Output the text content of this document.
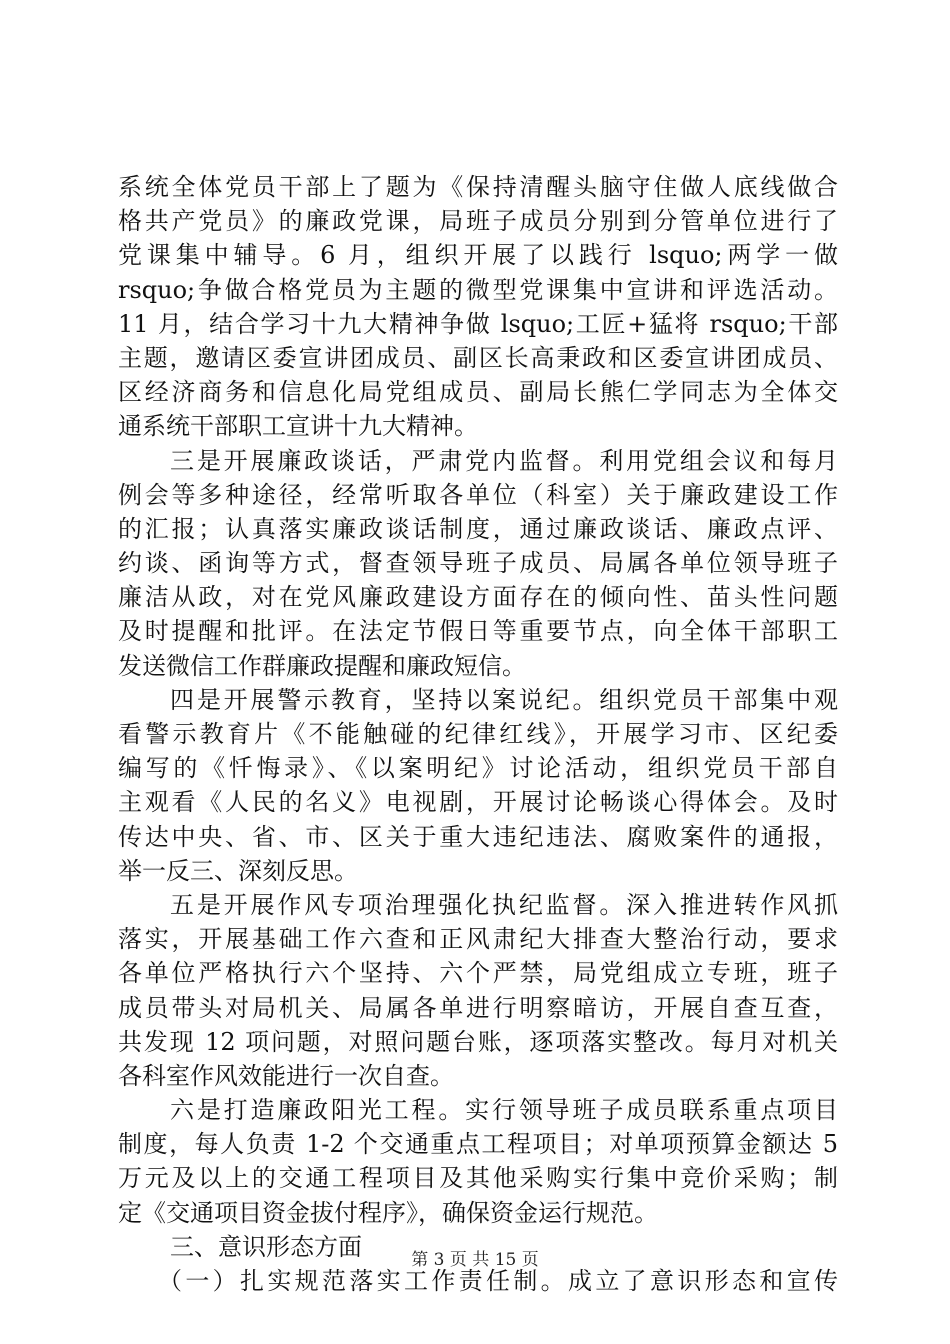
系统全体党员干部上了题为《保持清醒头脑守住做人底线做合
格共产党员》的廉政党课，局班子成员分别到分管单位进行了
党课集中辅导。6 月，组织开展了以践行 lsquo;两学一做
rsquo;争做合格党员为主题的微型党课集中宣讲和评选活动。
11 月，结合学习十九大精神争做 lsquo;工匠+猛将 rsquo;干部
主题，邀请区委宣讲团成员、副区长高秉政和区委宣讲团成员、
区经济商务和信息化局党组成员、副局长熊仁学同志为全体交
通系统干部职工宣讲十九大精神。
三是开展廉政谈话，严肃党内监督。利用党组会议和每月
例会等多种途径，经常听取各单位（科室）关于廉政建设工作
的汇报；认真落实廉政谈话制度，通过廉政谈话、廉政点评、
约谈、函询等方式，督查领导班子成员、局属各单位领导班子
廉洁从政，对在党风廉政建设方面存在的倾向性、苗头性问题
及时提醒和批评。在法定节假日等重要节点，向全体干部职工
发送微信工作群廉政提醒和廉政短信。
四是开展警示教育，坚持以案说纪。组织党员干部集中观
看警示教育片《不能触碰的纪律红线》，开展学习市、区纪委
编写的《忏悔录》、《以案明纪》讨论活动，组织党员干部自
主观看《人民的名义》电视剧，开展讨论畅谈心得体会。及时
传达中央、省、市、区关于重大违纪违法、腐败案件的通报，
举一反三、深刻反思。
五是开展作风专项治理强化执纪监督。深入推进转作风抓
落实，开展基础工作六查和正风肃纪大排查大整治行动，要求
各单位严格执行六个坚持、六个严禁，局党组成立专班，班子
成员带头对局机关、局属各单进行明察暗访，开展自查互查，
共发现 12 项问题，对照问题台账，逐项落实整改。每月对机关
各科室作风效能进行一次自查。
六是打造廉政阳光工程。实行领导班子成员联系重点项目
制度，每人负责 1-2 个交通重点工程项目；对单项预算金额达 5
万元及以上的交通工程项目及其他采购实行集中竞价采购；制
定《交通项目资金拔付程序》，确保资金运行规范。
三、意识形态方面
（一）扎实规范落实工作责任制。成立了意识形态和宣传
第 3 页 共 15 页
